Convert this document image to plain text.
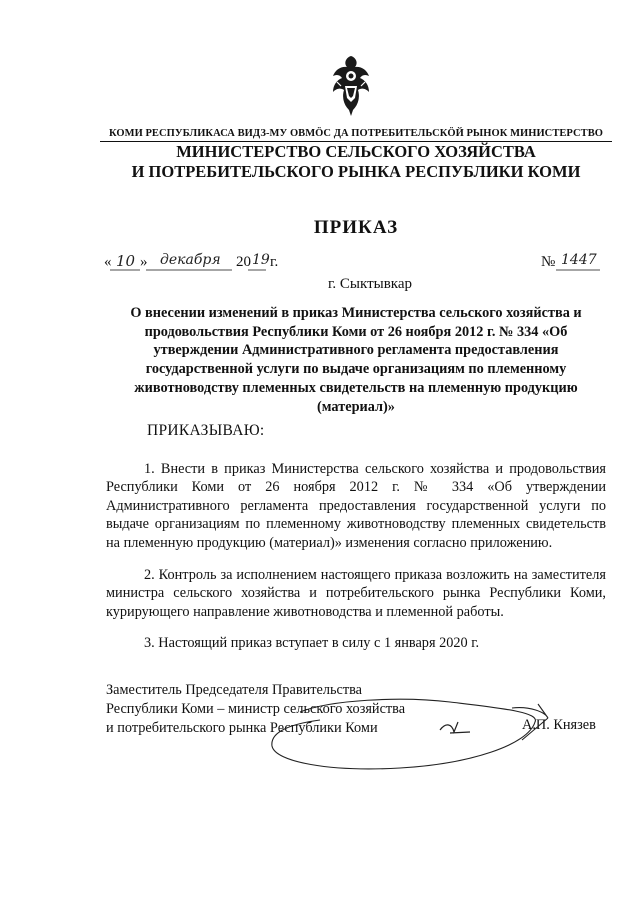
КОМИ РЕСПУБЛИКАСА ВИДЗ-МУ ОВМÖС ДА ПОТРЕБИТЕЛЬСКÖЙ РЫНОК МИНИСТЕРСТВО
МИНИСТЕРСТВО СЕЛЬСКОГО ХОЗЯЙСТВА
И ПОТРЕБИТЕЛЬСКОГО РЫНКА РЕСПУБЛИКИ КОМИ
ПРИКАЗ
« 10 » декабря 20 19 г.	№ 1447
г. Сыктывкар
О внесении изменений в приказ Министерства сельского хозяйства и
продовольствия Республики Коми от 26 ноября 2012 г. № 334 «Об
утверждении Административного регламента предоставления
государственной услуги по выдаче организациям по племенному
животноводству племенных свидетельств на племенную продукцию
(материал)»
ПРИКАЗЫВАЮ:
1. Внести в приказ Министерства сельского хозяйства и продовольствия Республики Коми от 26 ноября 2012 г. № 334 «Об утверждении Административного регламента предоставления государственной услуги по выдаче организациям по племенному животноводству племенных свидетельств на племенную продукцию (материал)» изменения согласно приложению.
2. Контроль за исполнением настоящего приказа возложить на заместителя министра сельского хозяйства и потребительского рынка Республики Коми, курирующего направление животноводства и племенной работы.
3. Настоящий приказ вступает в силу с 1 января 2020 г.
Заместитель Председателя Правительства
Республики Коми – министр сельского хозяйства
и потребительского рынка Республики Коми	А.П. Князев
